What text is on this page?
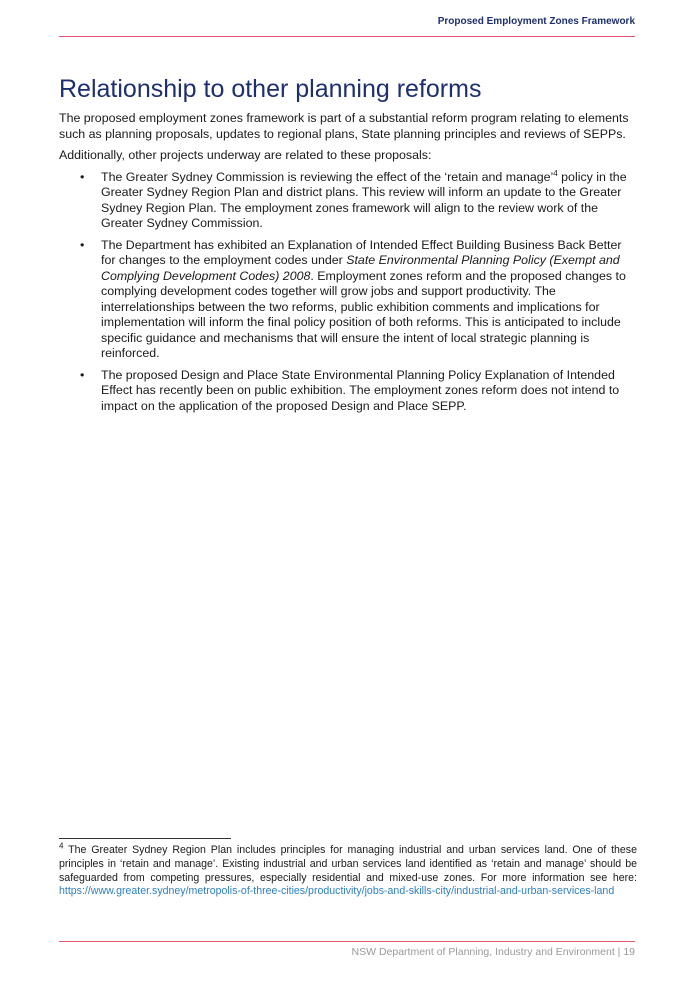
Proposed Employment Zones Framework
Relationship to other planning reforms

The proposed employment zones framework is part of a substantial reform program relating to elements such as planning proposals, updates to regional plans, State planning principles and reviews of SEPPs.

Additionally, other projects underway are related to these proposals:

• The Greater Sydney Commission is reviewing the effect of the ‘retain and manage’$^4$ policy in the Greater Sydney Region Plan and district plans. This review will inform an update to the Greater Sydney Region Plan. The employment zones framework will align to the review work of the Greater Sydney Commission.
• The Department has exhibited an Explanation of Intended Effect Building Business Back Better for changes to the employment codes under State Environmental Planning Policy (Exempt and Complying Development Codes) 2008. Employment zones reform and the proposed changes to complying development codes together will grow jobs and support productivity. The interrelationships between the two reforms, public exhibition comments and implications for implementation will inform the final policy position of both reforms. This is anticipated to include specific guidance and mechanisms that will ensure the intent of local strategic planning is reinforced.
• The proposed Design and Place State Environmental Planning Policy Explanation of Intended Effect has recently been on public exhibition. The employment zones reform does not intend to impact on the application of the proposed Design and Place SEPP.
$^4$ The Greater Sydney Region Plan includes principles for managing industrial and urban services land. One of these principles in ‘retain and manage’. Existing industrial and urban services land identified as ‘retain and manage’ should be safeguarded from competing pressures, especially residential and mixed-use zones. For more information see here: https://www.greater.sydney/metropolis-of-three-cities/productivity/jobs-and-skills-city/industrial-and-urban-services-land
NSW Department of Planning, Industry and Environment | 19
